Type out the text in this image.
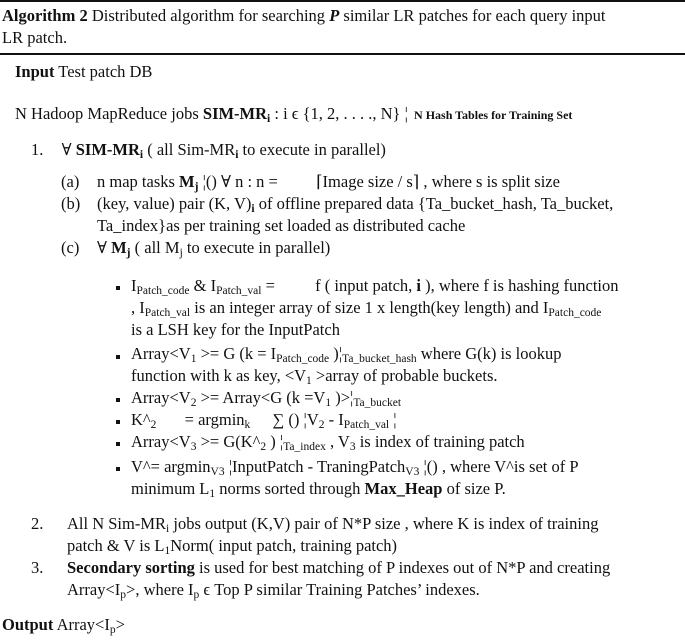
Algorithm 2 Distributed algorithm for searching P similar LR patches for each query input
LR patch.
Input Test patch DB
N Hadoop MapReduce jobs SIM-$MR_i$ : i ϵ {1, 2, . . . ., N} ¦ N Hash Tables for Training Set
1. ∀ SIM-$MR_i$ ( all Sim-$MR_i$ to execute in parallel)
(a) n map tasks $M_j$ ¦() ∀ n : n = ⌈Image size / s⌉ , where s is split size
(b) (key, value) pair (K, $V)_i$ of offline prepared data {Ta_bucket_hash, Ta_bucket,
Ta_index}as per training set loaded as distributed cache
(c) ∀ $M_j$ ( all $M_j$ to execute in parallel)
$I_{Patch\_code}$ & $I_{Patch\_val} = f$ ( input patch, i ), where f is hashing function
, $I_{Patch\_val}$ is an integer array of size 1 x length(key length) and $I_{Patch\_code}$
is a LSH key for the InputPatch
$Array<V_1 >= G$ ($k = I_{Patch\_code}$ )$¦_{Ta\_bucket\_hash}$ where G(k) is lookup
function with k as key, $<V_1$ >array of probable buckets.
$Array<V_2$ >= Array<G ($k =V_1$ )$>¦_{Ta\_bucket}$
$K\^{}_2 = argmin_k$ ∑ () $¦V_2 - I_{Patch\_val}$ ¦
$Array<V_3$ >= $G(K\^{}_2$ ) $¦_{Ta\_index}$ , $V_3$ is index of training patch
V^= argmin$_{V3}$ ¦InputPatch - TraningPatch$_{V3}$ ¦() , where V^is set of P
minimum $L_1$ norms sorted through Max_Heap of size P.
2. All N Sim-$MR_i$ jobs output (K,V) pair of N*P size , where K is index of training
patch & V is $L_1Norm$( input patch, training patch)
3. Secondary sorting is used for best matching of P indexes out of N*P and creating
$Array<I_p>$, where $I_p$ ϵ Top P similar Training Patches’ indexes.
Output $Array<I_p>$
